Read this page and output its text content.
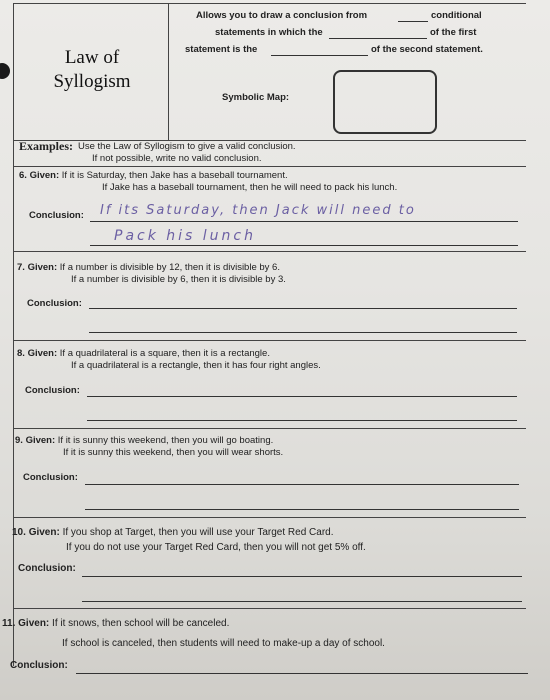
Law of
Syllogism
Allows you to draw a conclusion from	conditional
statements in which the	of the first
statement is the	of the second statement.
Symbolic Map:
Examples: Use the Law of Syllogism to give a valid conclusion.
If not possible, write no valid conclusion.
6. Given: If it is Saturday, then Jake has a baseball tournament.
If Jake has a baseball tournament, then he will need to pack his lunch.
Conclusion: If its Saturday, then Jack will need to
Pack his lunch
7. Given: If a number is divisible by 12, then it is divisible by 6.
If a number is divisible by 6, then it is divisible by 3.
Conclusion:
8. Given: If a quadrilateral is a square, then it is a rectangle.
If a quadrilateral is a rectangle, then it has four right angles.
Conclusion:
9. Given: If it is sunny this weekend, then you will go boating.
If it is sunny this weekend, then you will wear shorts.
Conclusion:
10. Given: If you shop at Target, then you will use your Target Red Card.
If you do not use your Target Red Card, then you will not get 5% off.
Conclusion:
11. Given: If it snows, then school will be canceled.
If school is canceled, then students will need to make-up a day of school.
Conclusion:
